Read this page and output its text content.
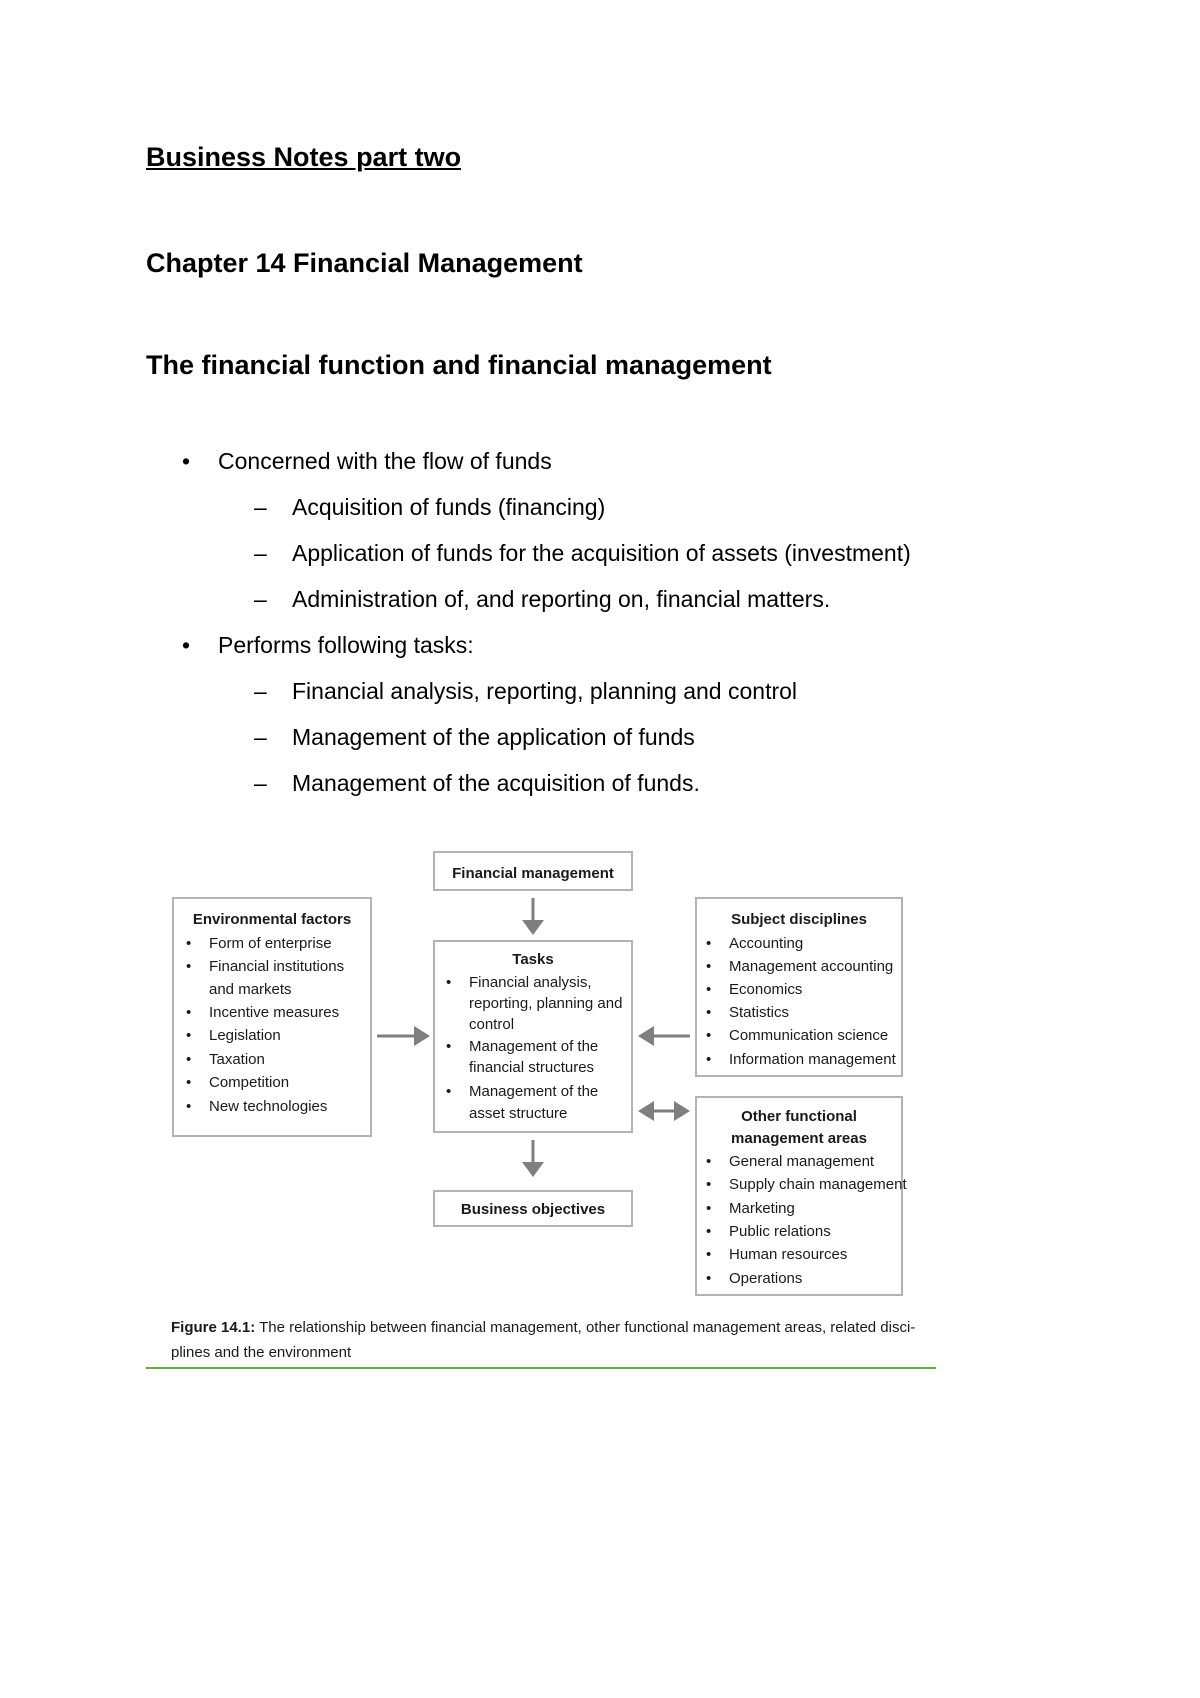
Business Notes part two
Chapter 14 Financial Management
The financial function and financial management
• Concerned with the flow of funds
– Acquisition of funds (financing)
– Application of funds for the acquisition of assets (investment)
– Administration of, and reporting on, financial matters.
• Performs following tasks:
– Financial analysis, reporting, planning and control
– Management of the application of funds
– Management of the acquisition of funds.
Financial management
Environmental factors
• Form of enterprise
• Financial institutions
and markets
• Incentive measures
• Legislation
• Taxation
• Competition
• New technologies
Tasks
• Financial analysis,
reporting, planning and
control
• Management of the
financial structures
• Management of the
asset structure
Subject disciplines
• Accounting
• Management accounting
• Economics
• Statistics
• Communication science
• Information management
Other functional
management areas
• General management
• Supply chain management
• Marketing
• Public relations
• Human resources
• Operations
Business objectives
Figure 14.1: The relationship between financial management, other functional management areas, related disci-
plines and the environment
